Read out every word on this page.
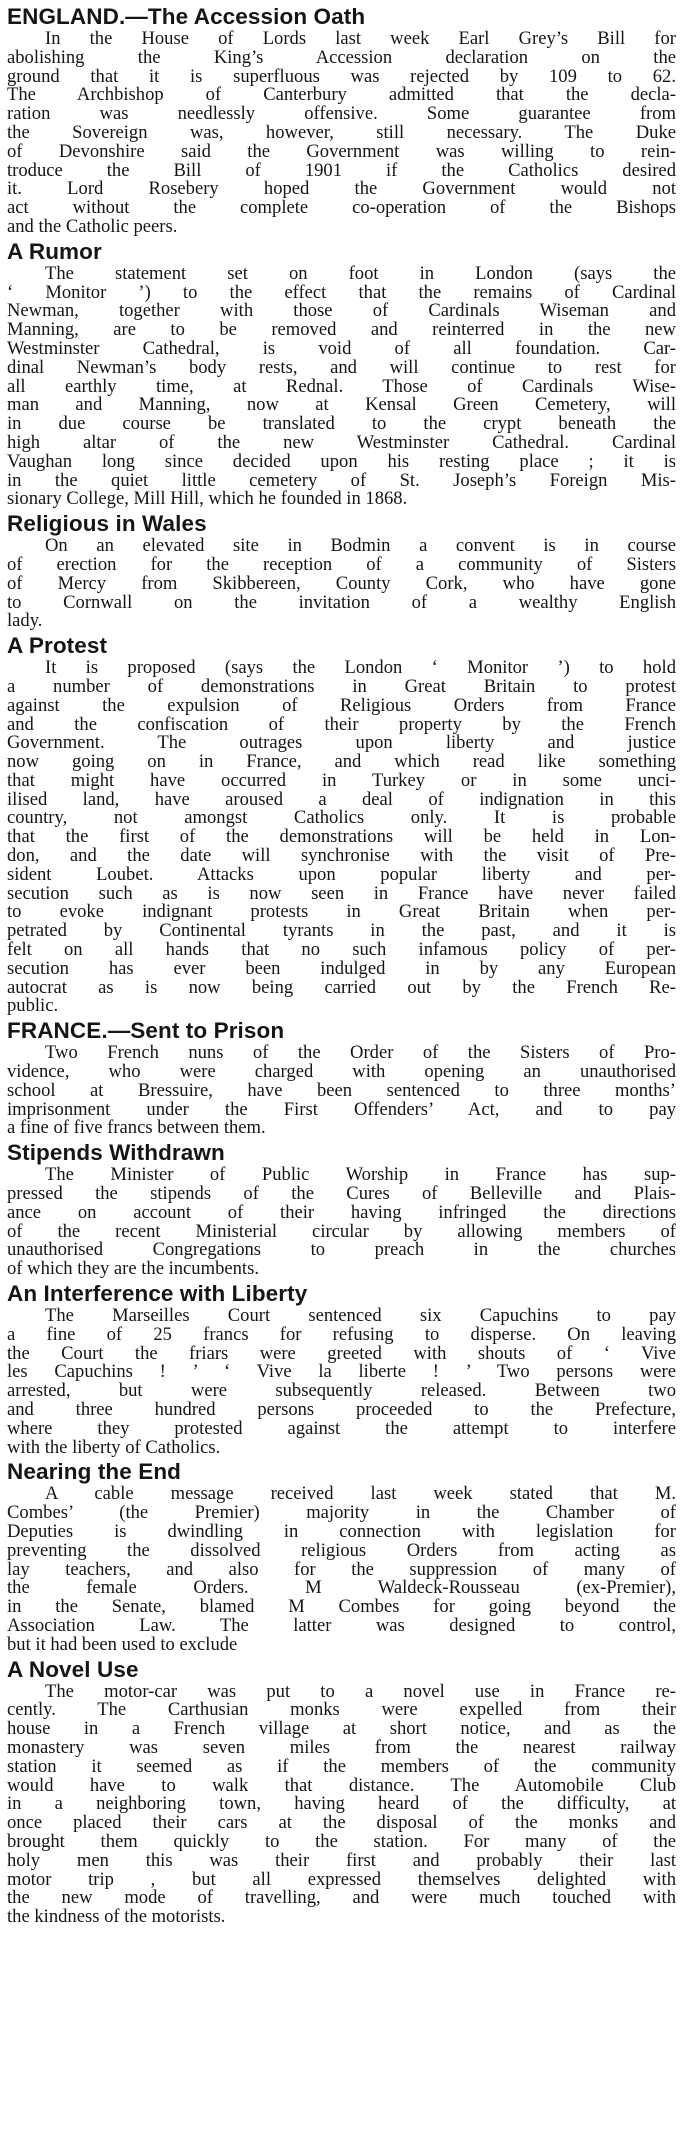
ENGLAND.—The Accession Oath
In the House of Lords last week Earl Grey’s Bill for
abolishing the King’s Accession declaration on the
ground that it is superfluous was rejected by 109 to 62.
The Archbishop of Canterbury admitted that the decla-
ration was needlessly offensive. Some guarantee from
the Sovereign was, however, still necessary. The Duke
of Devonshire said the Government was willing to rein-
troduce the Bill of 1901 if the Catholics desired
it. Lord Rosebery hoped the Government would not
act without the complete co-operation of the Bishops
and the Catholic peers.
A Rumor
The statement set on foot in London (says the
‘ Monitor ’) to the effect that the remains of Cardinal
Newman, together with those of Cardinals Wiseman and
Manning, are to be removed and reinterred in the new
Westminster Cathedral, is void of all foundation. Car-
dinal Newman’s body rests, and will continue to rest for
all earthly time, at Rednal. Those of Cardinals Wise-
man and Manning, now at Kensal Green Cemetery, will
in due course be translated to the crypt beneath the
high altar of the new Westminster Cathedral. Cardinal
Vaughan long since decided upon his resting place ; it is
in the quiet little cemetery of St. Joseph’s Foreign Mis-
sionary College, Mill Hill, which he founded in 1868.
Religious in Wales
On an elevated site in Bodmin a convent is in course
of erection for the reception of a community of Sisters
of Mercy from Skibbereen, County Cork, who have gone
to Cornwall on the invitation of a wealthy English
lady.
A Protest
It is proposed (says the London ‘ Monitor ’) to hold
a number of demonstrations in Great Britain to protest
against the expulsion of Religious Orders from France
and the confiscation of their property by the French
Government. The outrages upon liberty and justice
now going on in France, and which read like something
that might have occurred in Turkey or in some unci-
ilised land, have aroused a deal of indignation in this
country, not amongst Catholics only. It is probable
that the first of the demonstrations will be held in Lon-
don, and the date will synchronise with the visit of Pre-
sident Loubet. Attacks upon popular liberty and per-
secution such as is now seen in France have never failed
to evoke indignant protests in Great Britain when per-
petrated by Continental tyrants in the past, and it is
felt on all hands that no such infamous policy of per-
secution has ever been indulged in by any European
autocrat as is now being carried out by the French Re-
public.
FRANCE.—Sent to Prison
Two French nuns of the Order of the Sisters of Pro-
vidence, who were charged with opening an unauthorised
school at Bressuire, have been sentenced to three months’
imprisonment under the First Offenders’ Act, and to pay
a fine of five francs between them.
Stipends Withdrawn
The Minister of Public Worship in France has sup-
pressed the stipends of the Cures of Belleville and Plais-
ance on account of their having infringed the directions
of the recent Ministerial circular by allowing members of
unauthorised Congregations to preach in the churches
of which they are the incumbents.
An Interference with Liberty
The Marseilles Court sentenced six Capuchins to pay
a fine of 25 francs for refusing to disperse. On leaving
the Court the friars were greeted with shouts of ‘ Vive
les Capuchins ! ’ ‘ Vive la liberte ! ’ Two persons were
arrested, but were subsequently released. Between two
and three hundred persons proceeded to the Prefecture,
where they protested against the attempt to interfere
with the liberty of Catholics.
Nearing the End
A cable message received last week stated that M.
Combes’ (the Premier) majority in the Chamber of
Deputies is dwindling in connection with legislation for
preventing the dissolved religious Orders from acting as
lay teachers, and also for the suppression of many of
the female Orders. M Waldeck-Rousseau (ex-Premier),
in the Senate, blamed M Combes for going beyond the
Association Law. The latter was designed to control,
but it had been used to exclude
A Novel Use
The motor-car was put to a novel use in France re-
cently. The Carthusian monks were expelled from their
house in a French village at short notice, and as the
monastery was seven miles from the nearest railway
station it seemed as if the members of the community
would have to walk that distance. The Automobile Club
in a neighboring town, having heard of the difficulty, at
once placed their cars at the disposal of the monks and
brought them quickly to the station. For many of the
holy men this was their first and probably their last
motor trip , but all expressed themselves delighted with
the new mode of travelling, and were much touched with
the kindness of the motorists.
